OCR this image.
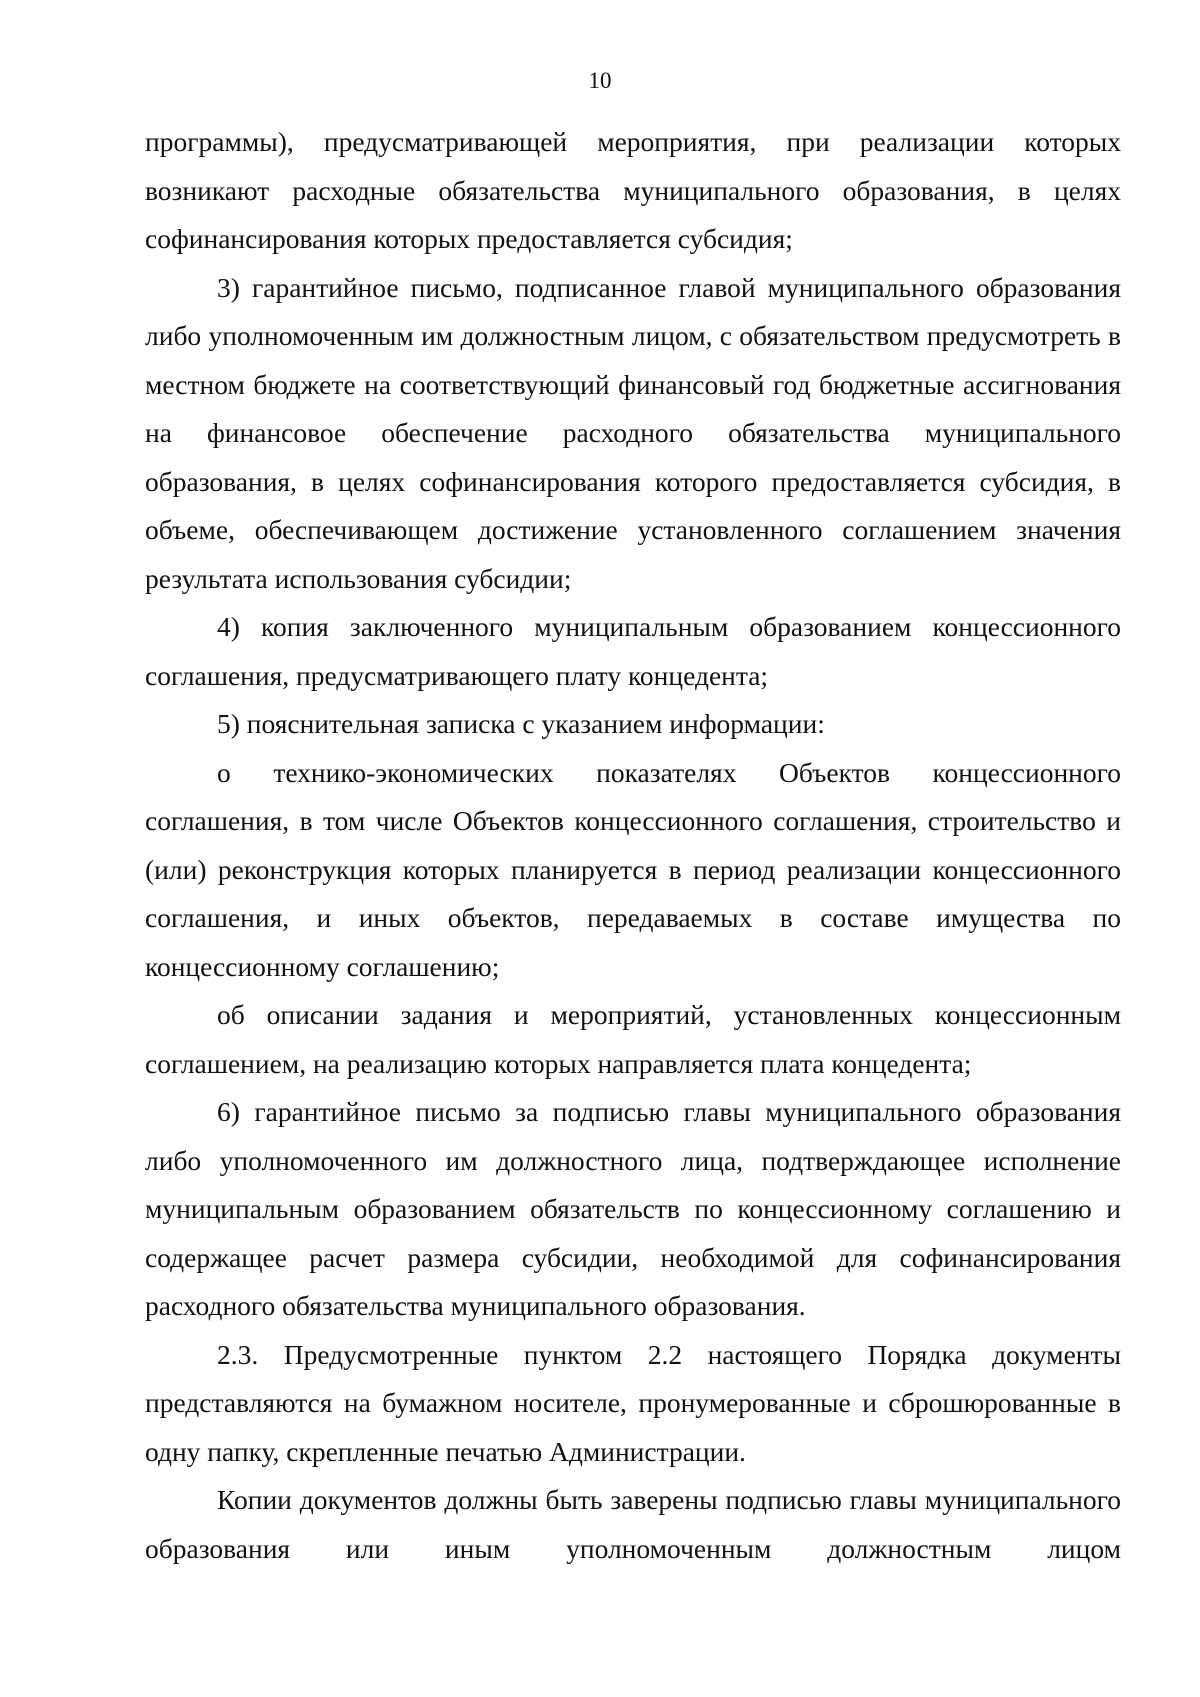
10

программы), предусматривающей мероприятия, при реализации которых возникают расходные обязательства муниципального образования, в целях софинансирования которых предоставляется субсидия;

3) гарантийное письмо, подписанное главой муниципального образования либо уполномоченным им должностным лицом, с обязательством предусмотреть в местном бюджете на соответствующий финансовый год бюджетные ассигнования на финансовое обеспечение расходного обязательства муниципального образования, в целях софинансирования которого предоставляется субсидия, в объеме, обеспечивающем достижение установленного соглашением значения результата использования субсидии;

4) копия заключенного муниципальным образованием концессионного соглашения, предусматривающего плату концедента;

5) пояснительная записка с указанием информации:

о технико-экономических показателях Объектов концессионного соглашения, в том числе Объектов концессионного соглашения, строительство и (или) реконструкция которых планируется в период реализации концессионного соглашения, и иных объектов, передаваемых в составе имущества по концессионному соглашению;

об описании задания и мероприятий, установленных концессионным соглашением, на реализацию которых направляется плата концедента;

6) гарантийное письмо за подписью главы муниципального образования либо уполномоченного им должностного лица, подтверждающее исполнение муниципальным образованием обязательств по концессионному соглашению и содержащее расчет размера субсидии, необходимой для софинансирования расходного обязательства муниципального образования.

2.3. Предусмотренные пунктом 2.2 настоящего Порядка документы представляются на бумажном носителе, пронумерованные и сброшюрованные в одну папку, скрепленные печатью Администрации.

Копии документов должны быть заверены подписью главы муниципального образования или иным уполномоченным должностным лицом
